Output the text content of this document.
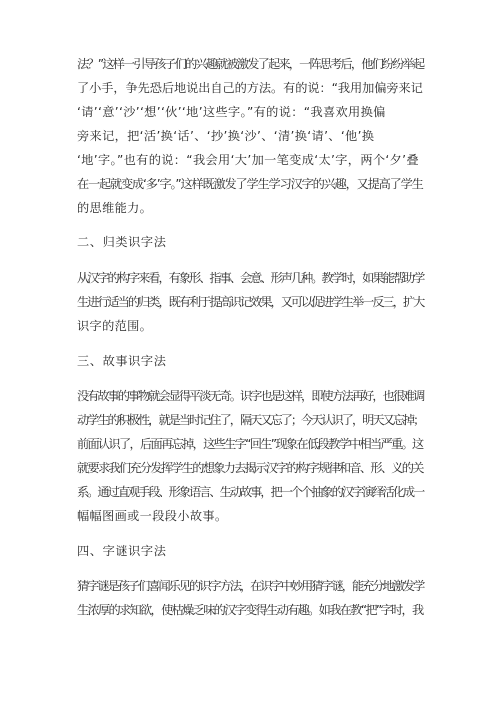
法？”这样一引导孩子们的兴趣就被激发了起来，一阵思考后，他们纷纷举起
了小手，争先恐后地说出自己的方法。有的说：“我用加偏旁来记
‘请’‘意’‘沙’‘想’‘伙’‘地’这些字。”有的说：“我喜欢用换偏
旁来记，把‘活’换‘话’、‘抄’换‘沙’、‘清’换‘请’、‘他’换
‘地’字。”也有的说：“我会用‘大’加一笔变成‘太’字，两个‘夕’叠
在一起就变成‘多’字。”这样既激发了学生学习汉字的兴趣，又提高了学生
的思维能力。
二、归类识字法
从汉字的构字来看，有象形、指事、会意、形声几种。教学时，如果能帮助学
生进行适当的归类，既有利于提高识记效果，又可以促进学生举一反三，扩大
识字的范围。
三、故事识字法
没有故事的事物就会显得平淡无奇。识字也是这样，即使方法再好，也很难调
动学生的积极性，就是当时记住了，隔天又忘了；今天认识了，明天又忘掉；
前面认识了，后面再忘掉，这些生字“回生”现象在低段教学中相当严重。这
就要求我们充分发挥学生的想象力去揭示汉字的构字规律和音、形、义的关
系。通过直观手段、形象语言、生动故事，把一个个抽象的汉字演绎活化成一
幅幅图画或一段段小故事。
四、字谜识字法
猜字谜是孩子们喜闻乐见的识字方法，在识字中妙用猜字谜，能充分地激发学
生浓厚的求知欲，使枯燥乏味的汉字变得生动有趣。如我在教“把”字时，我
